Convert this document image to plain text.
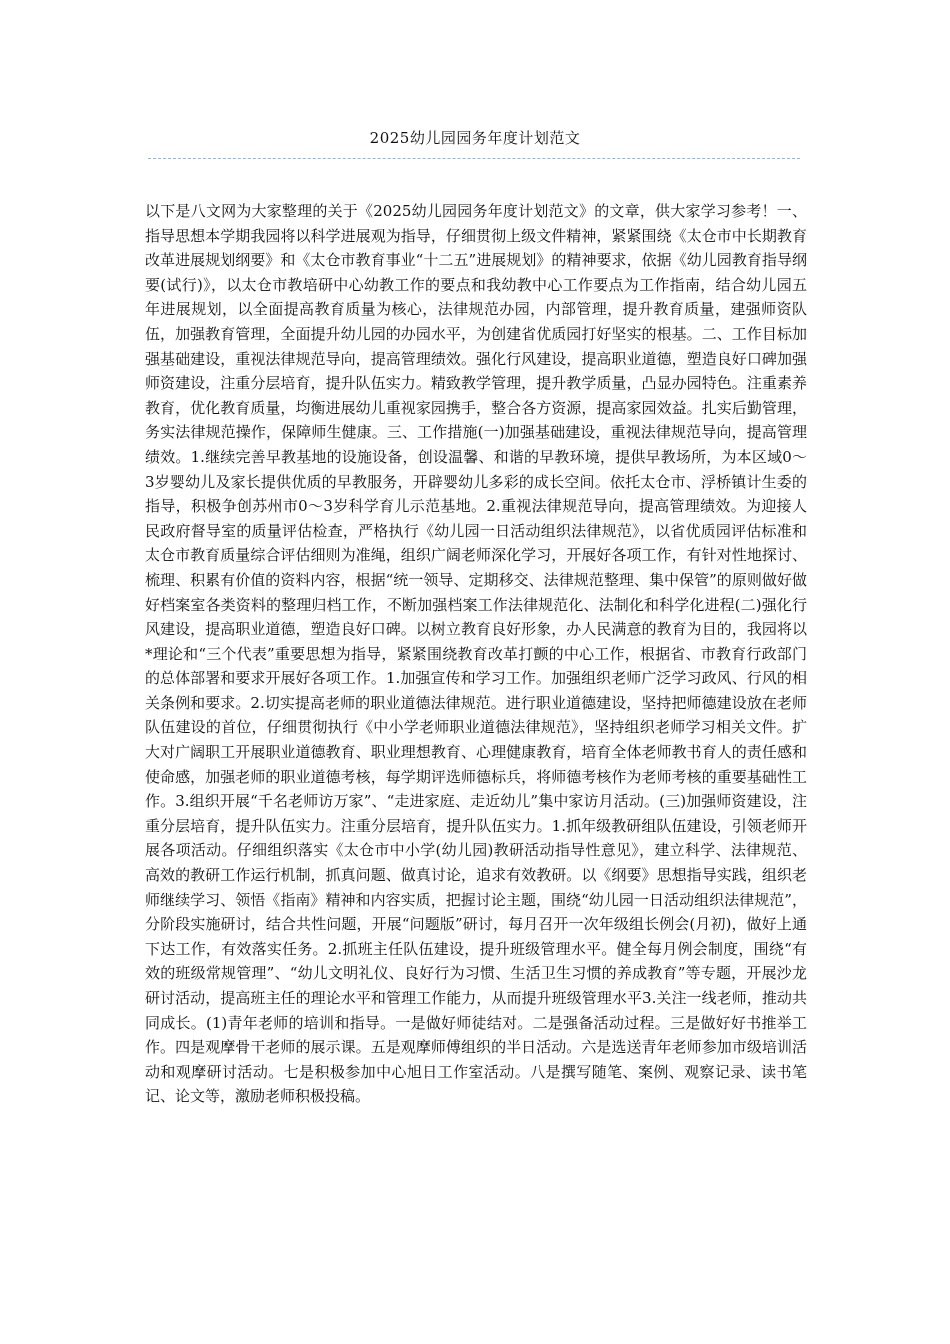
2025幼儿园园务年度计划范文

以下是八文网为大家整理的关于《2025幼儿园园务年度计划范文》的文章，供大家学习参考！一、指导思想本学期我园将以科学进展观为指导，仔细贯彻上级文件精神，紧紧围绕《太仓市中长期教育改革进展规划纲要》和《太仓市教育事业“十二五”进展规划》的精神要求，依据《幼儿园教育指导纲要(试行)》，以太仓市教培研中心幼教工作的要点和我幼教中心工作要点为工作指南，结合幼儿园五年进展规划，以全面提高教育质量为核心，法律规范办园，内部管理，提升教育质量，建强师资队伍，加强教育管理，全面提升幼儿园的办园水平，为创建省优质园打好坚实的根基。二、工作目标加强基础建设，重视法律规范导向，提高管理绩效。强化行风建设，提高职业道德，塑造良好口碑加强师资建设，注重分层培育，提升队伍实力。精致教学管理，提升教学质量，凸显办园特色。注重素养教育，优化教育质量，均衡进展幼儿重视家园携手，整合各方资源，提高家园效益。扎实后勤管理，务实法律规范操作，保障师生健康。三、工作措施(一)加强基础建设，重视法律规范导向，提高管理绩效。1.继续完善早教基地的设施设备，创设温馨、和谐的早教环境，提供早教场所，为本区域0～3岁婴幼儿及家长提供优质的早教服务，开辟婴幼儿多彩的成长空间。依托太仓市、浮桥镇计生委的指导，积极争创苏州市0～3岁科学育儿示范基地。2.重视法律规范导向，提高管理绩效。为迎接人民政府督导室的质量评估检查，严格执行《幼儿园一日活动组织法律规范》，以省优质园评估标准和太仓市教育质量综合评估细则为准绳，组织广阔老师深化学习，开展好各项工作，有针对性地探讨、梳理、积累有价值的资料内容，根据“统一领导、定期移交、法律规范整理、集中保管”的原则做好做好档案室各类资料的整理归档工作，不断加强档案工作法律规范化、法制化和科学化进程(二)强化行风建设，提高职业道德，塑造良好口碑。以树立教育良好形象，办人民满意的教育为目的，我园将以*理论和“三个代表”重要思想为指导，紧紧围绕教育改革打颤的中心工作，根据省、市教育行政部门的总体部署和要求开展好各项工作。1.加强宣传和学习工作。加强组织老师广泛学习政风、行风的相关条例和要求。2.切实提高老师的职业道德法律规范。进行职业道德建设，坚持把师德建设放在老师队伍建设的首位，仔细贯彻执行《中小学老师职业道德法律规范》，坚持组织老师学习相关文件。扩大对广阔职工开展职业道德教育、职业理想教育、心理健康教育，培育全体老师教书育人的责任感和使命感，加强老师的职业道德考核，每学期评选师德标兵，将师德考核作为老师考核的重要基础性工作。3.组织开展“千名老师访万家”、“走进家庭、走近幼儿”集中家访月活动。(三)加强师资建设，注重分层培育，提升队伍实力。注重分层培育，提升队伍实力。1.抓年级教研组队伍建设，引领老师开展各项活动。仔细组织落实《太仓市中小学(幼儿园)教研活动指导性意见》，建立科学、法律规范、高效的教研工作运行机制，抓真问题、做真讨论，追求有效教研。以《纲要》思想指导实践，组织老师继续学习、领悟《指南》精神和内容实质，把握讨论主题，围绕“幼儿园一日活动组织法律规范”，分阶段实施研讨，结合共性问题，开展“问题版”研讨，每月召开一次年级组长例会(月初)，做好上通下达工作，有效落实任务。2.抓班主任队伍建设，提升班级管理水平。健全每月例会制度，围绕“有效的班级常规管理”、“幼儿文明礼仪、良好行为习惯、生活卫生习惯的养成教育”等专题，开展沙龙研讨活动，提高班主任的理论水平和管理工作能力，从而提升班级管理水平3.关注一线老师，推动共同成长。(1)青年老师的培训和指导。一是做好师徒结对。二是强备活动过程。三是做好好书推举工作。四是观摩骨干老师的展示课。五是观摩师傅组织的半日活动。六是选送青年老师参加市级培训活动和观摩研讨活动。七是积极参加中心旭日工作室活动。八是撰写随笔、案例、观察记录、读书笔记、论文等，激励老师积极投稿。
